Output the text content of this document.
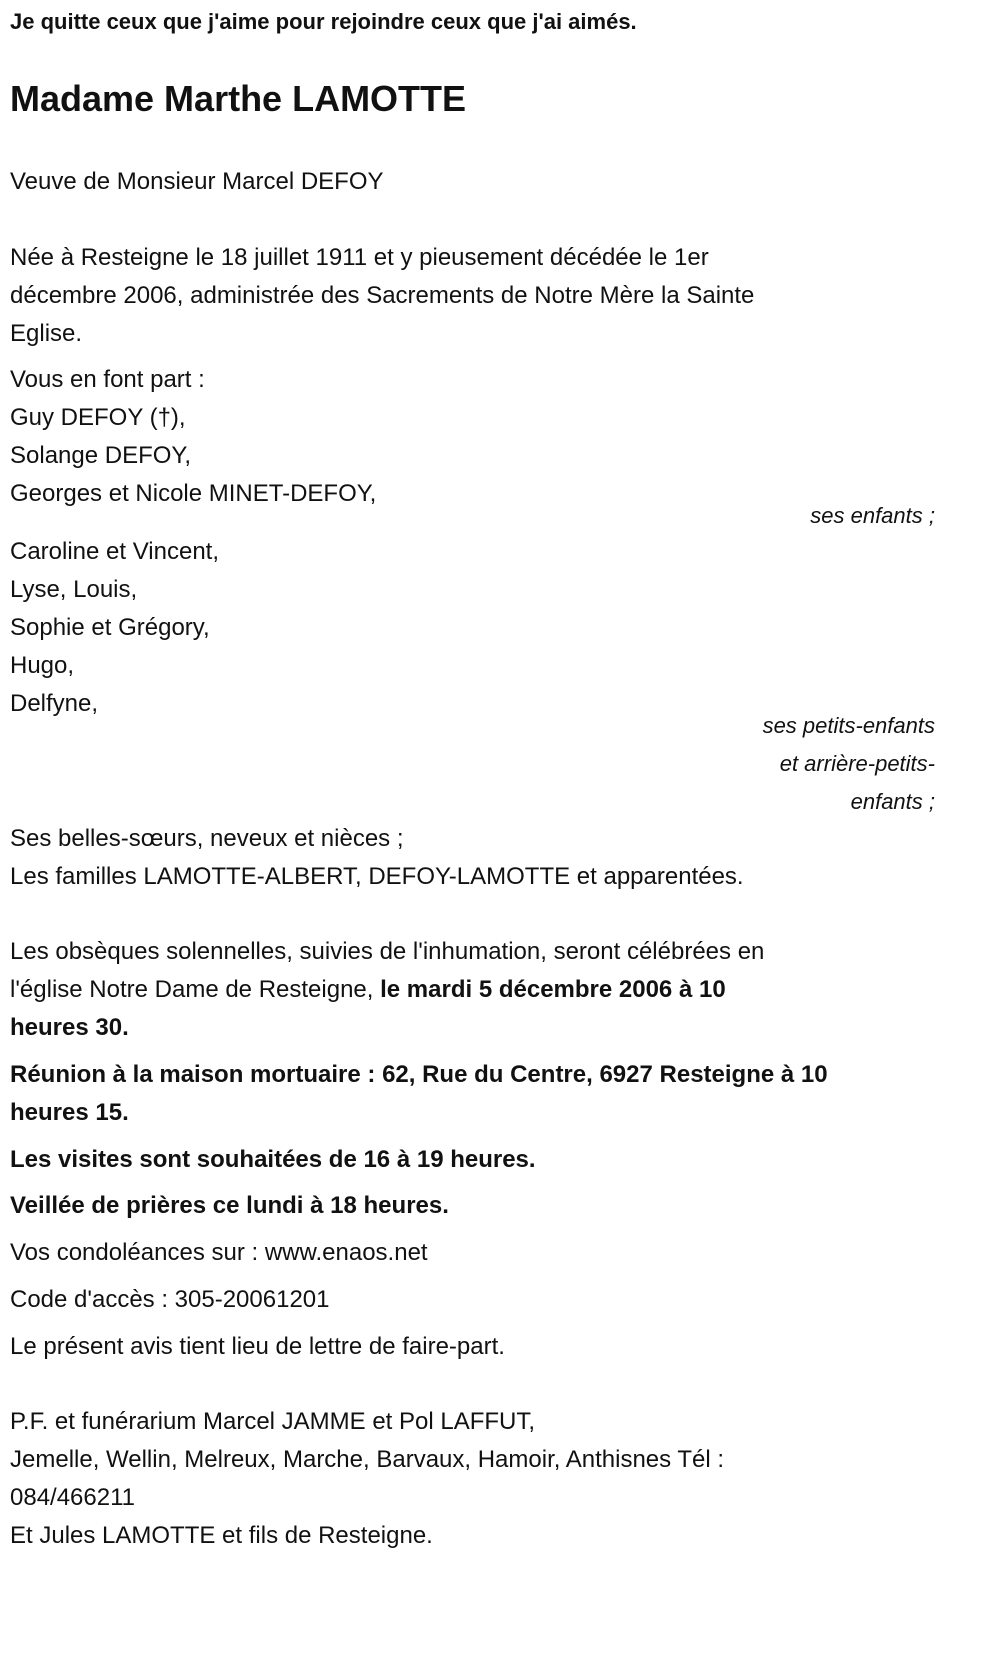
Je quitte ceux que j'aime pour rejoindre ceux que j'ai aimés.
Madame Marthe LAMOTTE
Veuve de Monsieur Marcel DEFOY
Née à Resteigne le 18 juillet 1911 et y pieusement décédée le 1er
décembre 2006, administrée des Sacrements de Notre Mère la Sainte
Eglise.
Vous en font part :
Guy DEFOY (†),
Solange DEFOY,
Georges et Nicole MINET-DEFOY,
ses enfants ;
Caroline et Vincent,
Lyse, Louis,
Sophie et Grégory,
Hugo,
Delfyne,
ses petits-enfants
et arrière-petits-
enfants ;
Ses belles-sœurs, neveux et nièces ;
Les familles LAMOTTE-ALBERT, DEFOY-LAMOTTE et apparentées.
Les obsèques solennelles, suivies de l'inhumation, seront célébrées en
l'église Notre Dame de Resteigne, le mardi 5 décembre 2006 à 10
heures 30.
Réunion à la maison mortuaire : 62, Rue du Centre, 6927 Resteigne à 10
heures 15.
Les visites sont souhaitées de 16 à 19 heures.
Veillée de prières ce lundi à 18 heures.
Vos condoléances sur : www.enaos.net
Code d'accès : 305-20061201
Le présent avis tient lieu de lettre de faire-part.
P.F. et funérarium Marcel JAMME et Pol LAFFUT,
Jemelle, Wellin, Melreux, Marche, Barvaux, Hamoir, Anthisnes Tél :
084/466211
Et Jules LAMOTTE et fils de Resteigne.
